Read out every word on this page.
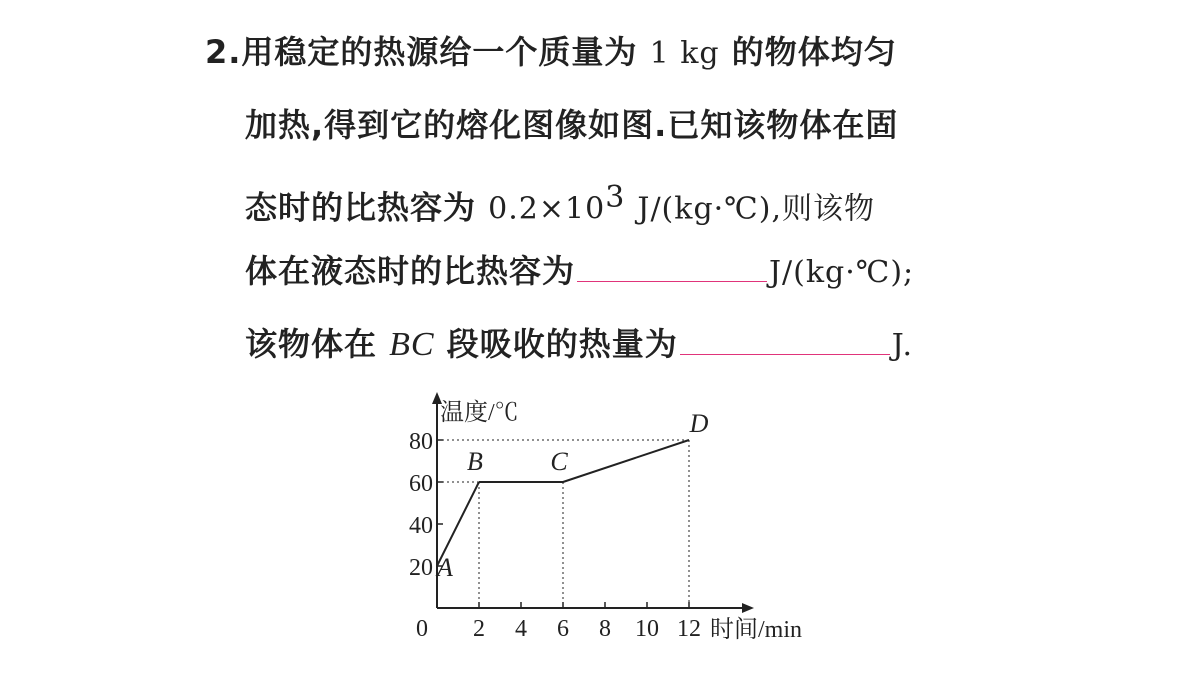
2.用稳定的热源给一个质量为 1 kg 的物体均匀
加热,得到它的熔化图像如图.已知该物体在固
态时的比热容为 $0.2\times 10^3$ J/(kg·℃),则该物
体在液态时的比热容为	J/(kg·℃);
该物体在 BC 段吸收的热量为	J.
2 4 6 8 10 12
20
40
60
80
A
B	C
D
温度/℃
时间/min
0
